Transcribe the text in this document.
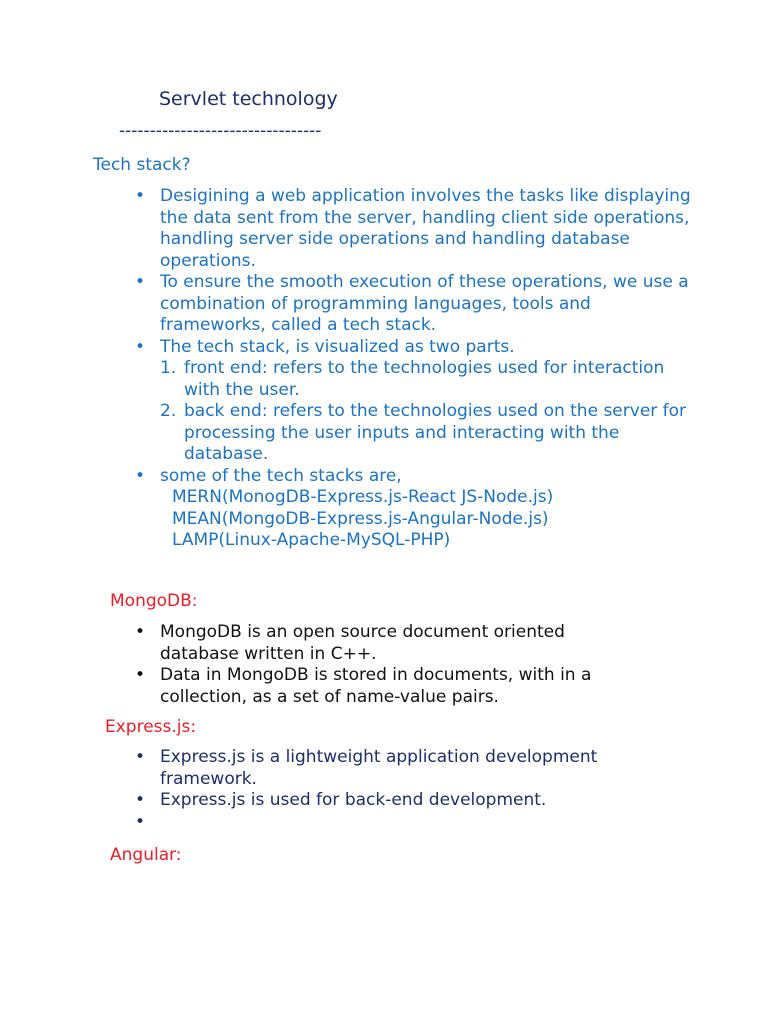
Servlet technology
---------------------------------
Tech stack?
• Desigining a web application involves the tasks like displaying the data sent from the server, handling client side operations, handling server side operations and handling database operations.
• To ensure the smooth execution of these operations, we use a combination of programming languages, tools and frameworks, called a tech stack.
• The tech stack, is visualized as two parts.
1. front end: refers to the technologies used for interaction with the user.
2. back end: refers to the technologies used on the server for processing the user inputs and interacting with the database.
• some of the tech stacks are,
MERN(MonogDB-Express.js-React JS-Node.js)
MEAN(MongoDB-Express.js-Angular-Node.js)
LAMP(Linux-Apache-MySQL-PHP)
MongoDB:
• MongoDB is an open source document oriented database written in C++.
• Data in MongoDB is stored in documents, with in a collection, as a set of name-value pairs.
Express.js:
• Express.js is a lightweight application development framework.
• Express.js is used for back-end development.
•

Angular:
